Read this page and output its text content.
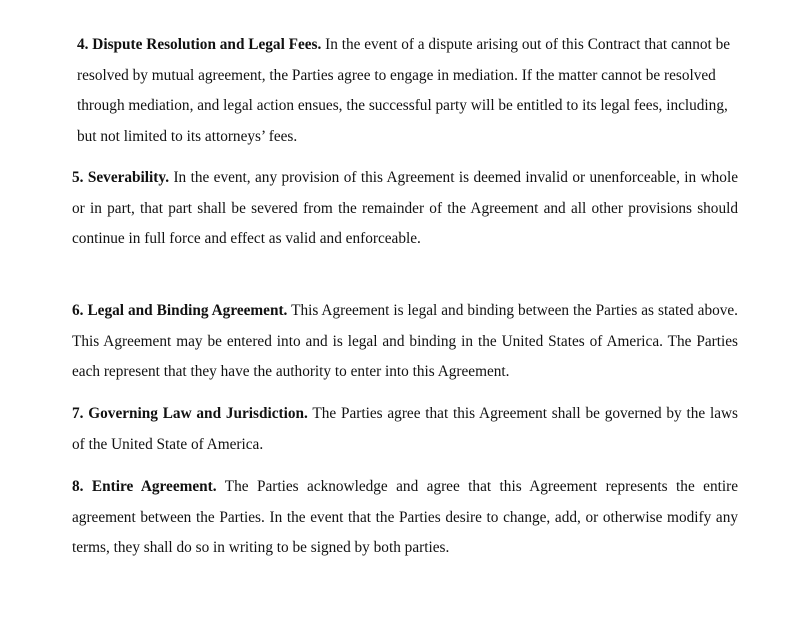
4. Dispute Resolution and Legal Fees. In the event of a dispute arising out of this Contract that cannot be resolved by mutual agreement, the Parties agree to engage in mediation. If the matter cannot be resolved through mediation, and legal action ensues, the successful party will be entitled to its legal fees, including, but not limited to its attorneys’ fees.

5. Severability. In the event, any provision of this Agreement is deemed invalid or unenforceable, in whole or in part, that part shall be severed from the remainder of the Agreement and all other provisions should continue in full force and effect as valid and enforceable.

6. Legal and Binding Agreement. This Agreement is legal and binding between the Parties as stated above. This Agreement may be entered into and is legal and binding in the United States of America. The Parties each represent that they have the authority to enter into this Agreement.

7. Governing Law and Jurisdiction. The Parties agree that this Agreement shall be governed by the laws of the United State of America.

8. Entire Agreement. The Parties acknowledge and agree that this Agreement represents the entire agreement between the Parties. In the event that the Parties desire to change, add, or otherwise modify any terms, they shall do so in writing to be signed by both parties.
